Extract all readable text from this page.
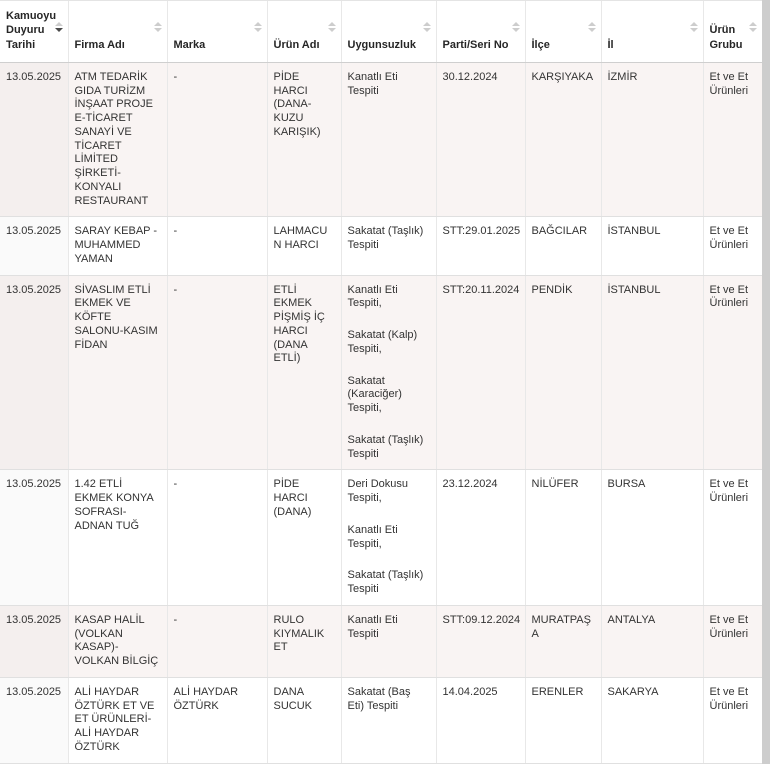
Kamuoyu Duyuru Tarihi	Firma Adı	Marka	Ürün Adı	Uygunsuzluk	Parti/Seri No	İlçe	İl	Ürün Grubu

13.05.2025	ATM TEDARİK GIDA TURİZM İNŞAAT PROJE E-TİCARET SANAYİ VE TİCARET LİMİTED ŞİRKETİ-KONYALI RESTAURANT	-	PİDE HARCI (DANA-KUZU KARIŞIK)	Kanatlı Eti Tespiti	30.12.2024	KARŞIYAKA	İZMİR	Et ve Et Ürünleri
13.05.2025	SARAY KEBAP - MUHAMMED YAMAN	-	LAHMACUN HARCI	Sakatat (Taşlık) Tespiti	STT:29.01.2025	BAĞCILAR	İSTANBUL	Et ve Et Ürünleri
13.05.2025	SİVASLIM ETLİ EKMEK VE KÖFTE SALONU-KASIM FİDAN	-	ETLİ EKMEK PİŞMİŞ İÇ HARCI (DANA ETLİ)	Kanatlı Eti Tespiti,

Sakatat (Kalp) Tespiti,

Sakatat (Karaciğer) Tespiti,

Sakatat (Taşlık) Tespiti	STT:20.11.2024	PENDİK	İSTANBUL	Et ve Et Ürünleri
13.05.2025	1.42 ETLİ EKMEK KONYA SOFRASI-ADNAN TUĞ	-	PİDE HARCI (DANA)	Deri Dokusu Tespiti,

Kanatlı Eti Tespiti,

Sakatat (Taşlık) Tespiti	23.12.2024	NİLÜFER	BURSA	Et ve Et Ürünleri
13.05.2025	KASAP HALİL (VOLKAN KASAP)-VOLKAN BİLGİÇ	-	RULO KIYMALIK ET	Kanatlı Eti Tespiti	STT:09.12.2024	MURATPAŞA	ANTALYA	Et ve Et Ürünleri
13.05.2025	ALİ HAYDAR ÖZTÜRK ET VE ET ÜRÜNLERİ-ALİ HAYDAR ÖZTÜRK	ALİ HAYDAR ÖZTÜRK	DANA SUCUK	Sakatat (Baş Eti) Tespiti	14.04.2025	ERENLER	SAKARYA	Et ve Et Ürünleri
